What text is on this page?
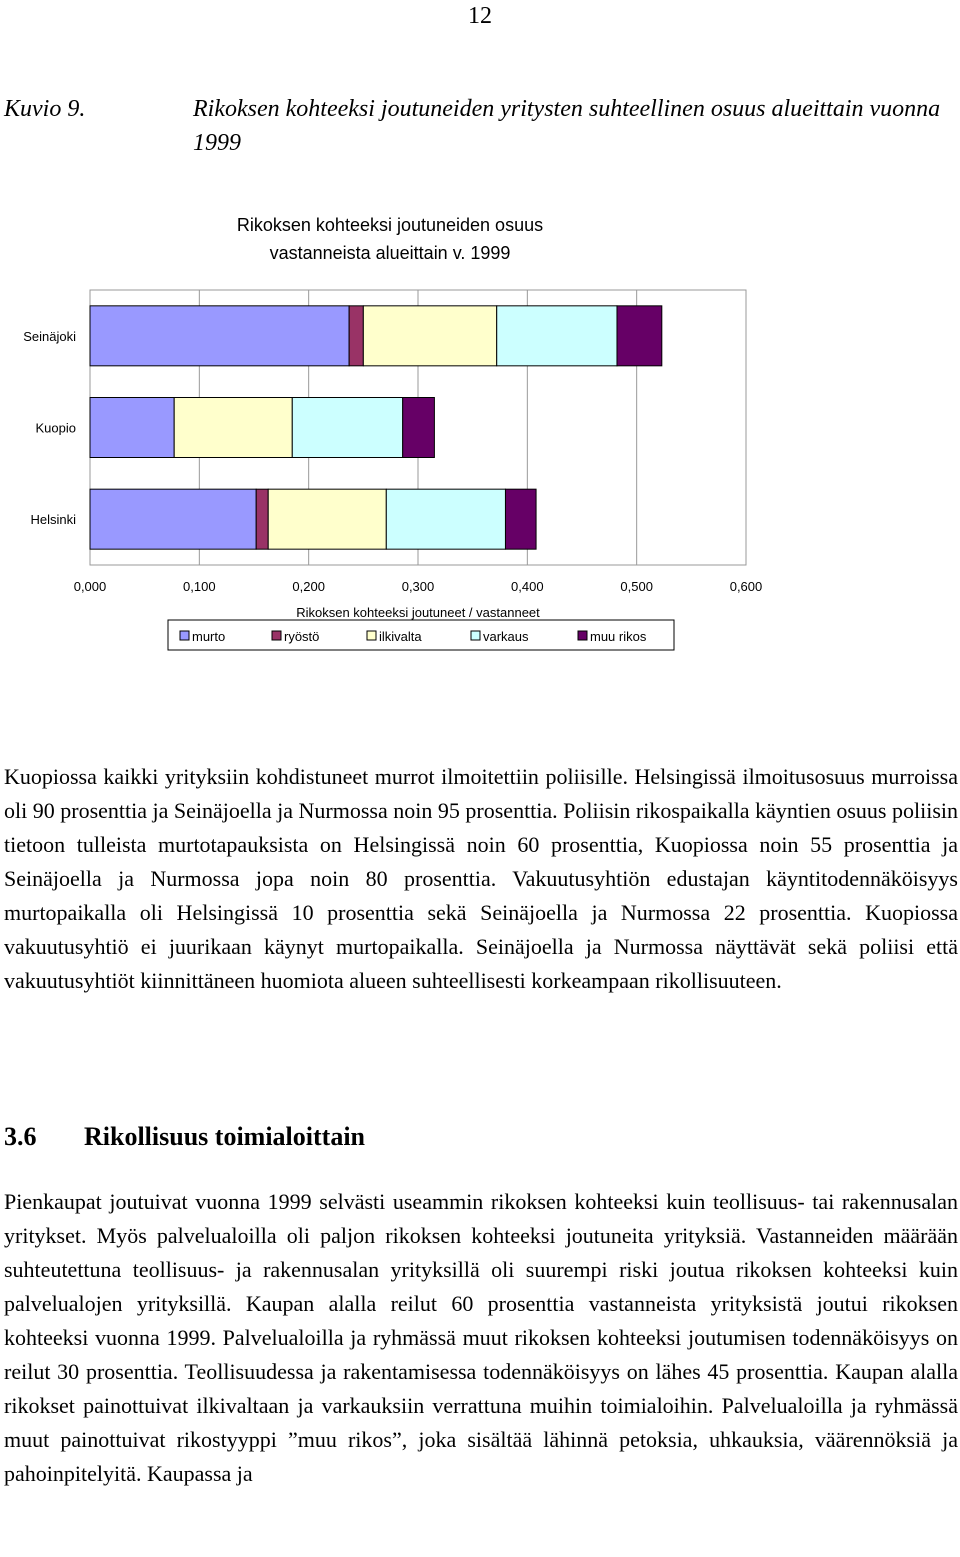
12
Kuvio 9.	Rikoksen kohteeksi joutuneiden yritysten suhteellinen osuus alueittain vuonna 1999
Rikoksen kohteeksi joutuneiden osuus
vastanneista alueittain v. 1999
0,000	0,100	0,200	0,300	0,400	0,500	0,600
Rikoksen kohteeksi joutuneet / vastanneet
Seinäjoki
Kuopio
Helsinki
murto	ryöstö	ilkivalta	varkaus	muu rikos

Kuopiossa kaikki yrityksiin kohdistuneet murrot ilmoitettiin poliisille. Helsingissä ilmoitusosuus murroissa oli 90 prosenttia ja Seinäjoella ja Nurmossa noin 95 prosenttia. Poliisin rikospaikalla käyntien osuus poliisin tietoon tulleista murtotapauksista on Helsingissä noin 60 prosenttia, Kuopiossa noin 55 prosenttia ja Seinäjoella ja Nurmossa jopa noin 80 prosenttia. Vakuutusyhtiön edustajan käyntitodennäköisyys murtopaikalla oli Helsingissä 10 prosenttia sekä Seinäjoella ja Nurmossa 22 prosenttia. Kuopiossa vakuutusyhtiö ei juurikaan käynyt murtopaikalla. Seinäjoella ja Nurmossa näyttävät sekä poliisi että vakuutusyhtiöt kiinnittäneen huomiota alueen suhteellisesti korkeampaan rikollisuuteen.

3.6 Rikollisuus toimialoittain

Pienkaupat joutuivat vuonna 1999 selvästi useammin rikoksen kohteeksi kuin teollisuus- tai rakennusalan yritykset. Myös palvelualoilla oli paljon rikoksen kohteeksi joutuneita yrityksiä. Vastanneiden määrään suhteutettuna teollisuus- ja rakennusalan yrityksillä oli suurempi riski joutua rikoksen kohteeksi kuin palvelualojen yrityksillä. Kaupan alalla reilut 60 prosenttia vastanneista yrityksistä joutui rikoksen kohteeksi vuonna 1999. Palvelualoilla ja ryhmässä muut rikoksen kohteeksi joutumisen todennäköisyys on reilut 30 prosenttia. Teollisuudessa ja rakentamisessa todennäköisyys on lähes 45 prosenttia. Kaupan alalla rikokset painottuivat ilkivaltaan ja varkauksiin verrattuna muihin toimialoihin. Palvelualoilla ja ryhmässä muut painottuivat rikostyyppi ”muu rikos”, joka sisältää lähinnä petoksia, uhkauksia, väärennöksiä ja pahoinpitelyitä. Kaupassa ja
